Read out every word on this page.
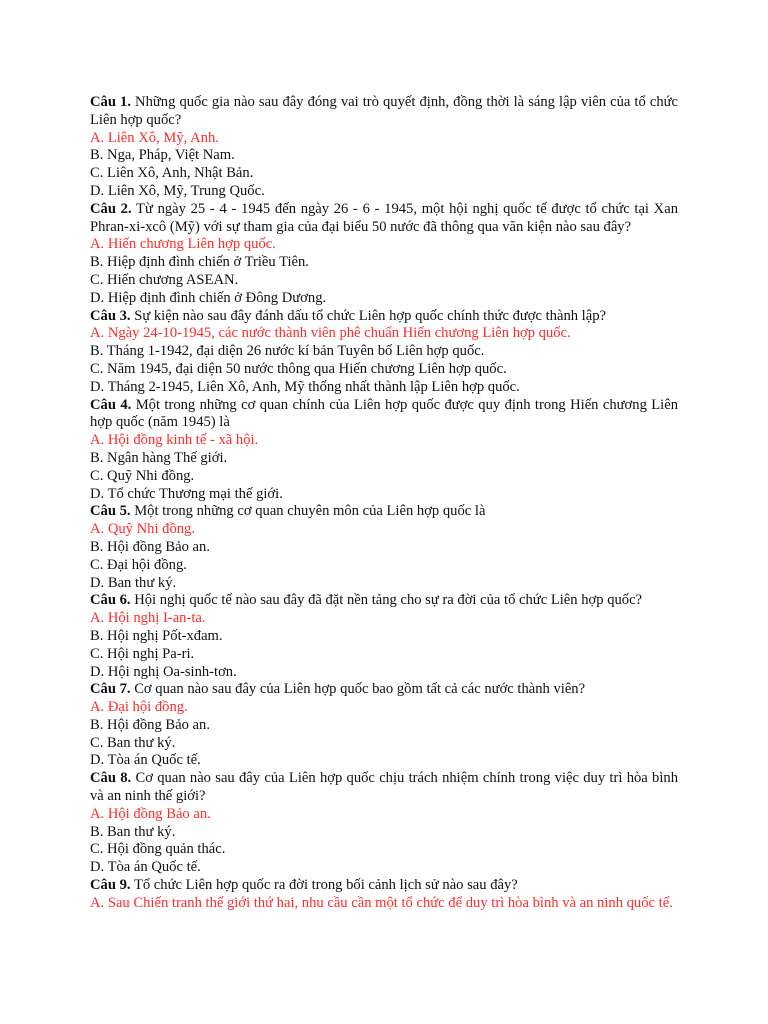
Câu 1. Những quốc gia nào sau đây đóng vai trò quyết định, đồng thời là sáng lập viên của tổ chức Liên hợp quốc?

A. Liên Xô, Mỹ, Anh.

B. Nga, Pháp, Việt Nam.

C. Liên Xô, Anh, Nhật Bản.

D. Liên Xô, Mỹ, Trung Quốc.

Câu 2. Từ ngày 25 - 4 - 1945 đến ngày 26 - 6 - 1945, một hội nghị quốc tế được tổ chức tại Xan Phran-xi-xcô (Mỹ) với sự tham gia của đại biểu 50 nước đã thông qua văn kiện nào sau đây?

A. Hiến chương Liên hợp quốc.

B. Hiệp định đình chiến ở Triều Tiên.

C. Hiến chương ASEAN.

D. Hiệp định đình chiến ở Đông Dương.

Câu 3. Sự kiện nào sau đây đánh dấu tổ chức Liên hợp quốc chính thức được thành lập?

A. Ngày 24-10-1945, các nước thành viên phê chuẩn Hiến chương Liên hợp quốc.

B. Tháng 1-1942, đại diện 26 nước kí bản Tuyên bố Liên hợp quốc.

C. Năm 1945, đại diện 50 nước thông qua Hiến chương Liên hợp quốc.

D. Tháng 2-1945, Liên Xô, Anh, Mỹ thống nhất thành lập Liên hợp quốc.

Câu 4. Một trong những cơ quan chính của Liên hợp quốc được quy định trong Hiến chương Liên hợp quốc (năm 1945) là

A. Hội đồng kinh tế - xã hội.

B. Ngân hàng Thế giới.

C. Quỹ Nhi đồng.

D. Tổ chức Thương mại thế giới.

Câu 5. Một trong những cơ quan chuyên môn của Liên hợp quốc là

A. Quỹ Nhi đồng.

B. Hội đồng Bảo an.

C. Đại hội đồng.

D. Ban thư ký.

Câu 6. Hội nghị quốc tế nào sau đây đã đặt nền tảng cho sự ra đời của tổ chức Liên hợp quốc?

A. Hội nghị I-an-ta.

B. Hội nghị Pốt-xđam.

C. Hội nghị Pa-ri.

D. Hội nghị Oa-sinh-tơn.

Câu 7. Cơ quan nào sau đây của Liên hợp quốc bao gồm tất cả các nước thành viên?

A. Đại hội đồng.

B. Hội đồng Bảo an.

C. Ban thư ký.

D. Tòa án Quốc tế.

Câu 8. Cơ quan nào sau đây của Liên hợp quốc chịu trách nhiệm chính trong việc duy trì hòa bình và an ninh thế giới?

A. Hội đồng Bảo an.

B. Ban thư ký.

C. Hội đồng quản thác.

D. Tòa án Quốc tế.

Câu 9. Tổ chức Liên hợp quốc ra đời trong bối cảnh lịch sử nào sau đây?

A. Sau Chiến tranh thế giới thứ hai, nhu cầu cần một tổ chức để duy trì hòa bình và an ninh quốc tế.
